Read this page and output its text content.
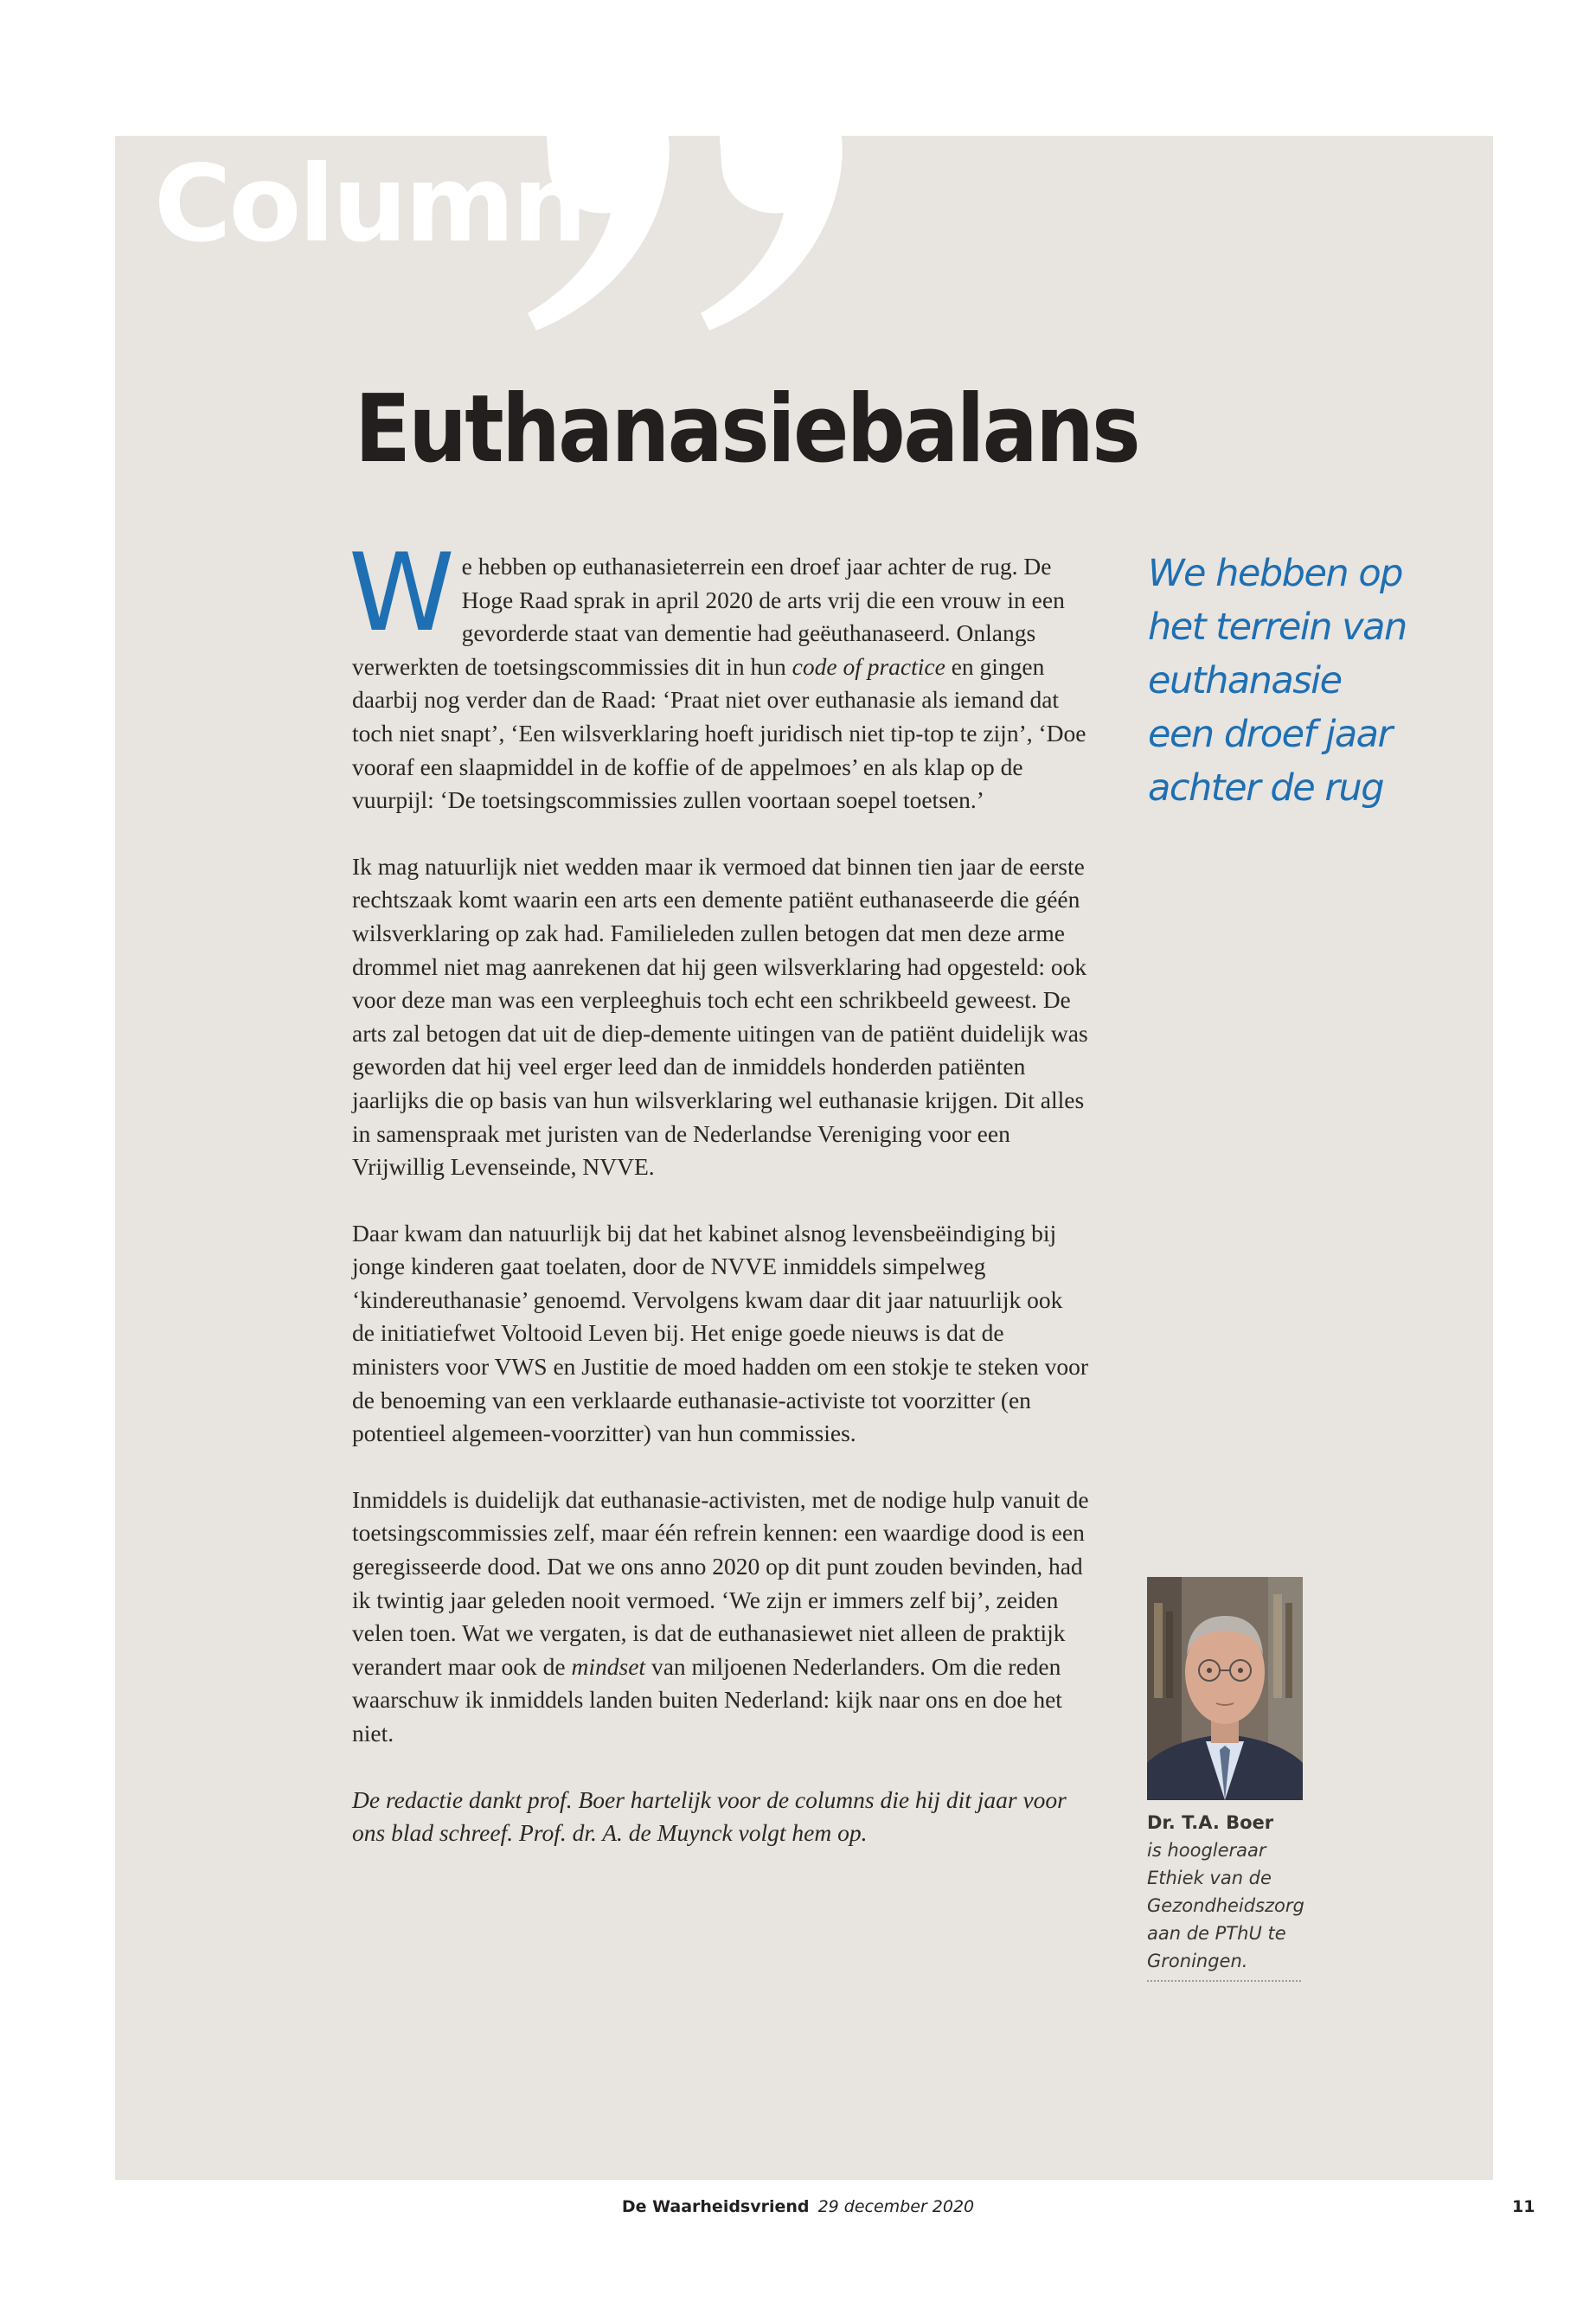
Column
Euthanasiebalans

We hebben op euthanasieterrein een droef jaar achter de rug. De Hoge Raad sprak in april 2020 de arts vrij die een vrouw in een gevorderde staat van dementie had geëuthanaseerd. Onlangs verwerkten de toetsingscommissies dit in hun code of practice en gingen daarbij nog verder dan de Raad: ‘Praat niet over euthanasie als iemand dat toch niet snapt’, ‘Een wilsverklaring hoeft juridisch niet tip-top te zijn’, ‘Doe vooraf een slaapmiddel in de koffie of de appelmoes’ en als klap op de vuurpijl: ‘De toetsingscommissies zullen voortaan soepel toetsen.’

Ik mag natuurlijk niet wedden maar ik vermoed dat binnen tien jaar de eerste rechtszaak komt waarin een arts een demente patiënt euthanaseerde die géén wilsverklaring op zak had. Familieleden zullen betogen dat men deze arme drommel niet mag aanrekenen dat hij geen wilsverklaring had opgesteld: ook voor deze man was een verpleeghuis toch echt een schrikbeeld geweest. De arts zal betogen dat uit de diep-demente uitingen van de patiënt duidelijk was geworden dat hij veel erger leed dan de inmiddels honderden patiënten jaarlijks die op basis van hun wilsverklaring wel euthanasie krijgen. Dit alles in samenspraak met juristen van de Nederlandse Vereniging voor een Vrijwillig Levenseinde, NVVE.

Daar kwam dan natuurlijk bij dat het kabinet alsnog levensbeëindiging bij jonge kinderen gaat toelaten, door de NVVE inmiddels simpelweg ‘kindereuthanasie’ genoemd. Vervolgens kwam daar dit jaar natuurlijk ook de initiatiefwet Voltooid Leven bij. Het enige goede nieuws is dat de ministers voor VWS en Justitie de moed hadden om een stokje te steken voor de benoeming van een verklaarde euthanasie-activiste tot voorzitter (en potentieel algemeen-voorzitter) van hun commissies.

Inmiddels is duidelijk dat euthanasie-activisten, met de nodige hulp vanuit de toetsingscommissies zelf, maar één refrein kennen: een waardige dood is een geregisseerde dood. Dat we ons anno 2020 op dit punt zouden bevinden, had ik twintig jaar geleden nooit vermoed. ‘We zijn er immers zelf bij’, zeiden velen toen. Wat we vergaten, is dat de euthanasiewet niet alleen de praktijk verandert maar ook de mindset van miljoenen Nederlanders. Om die reden waarschuw ik inmiddels landen buiten Nederland: kijk naar ons en doe het niet.

De redactie dankt prof. Boer hartelijk voor de columns die hij dit jaar voor ons blad schreef. Prof. dr. A. de Muynck volgt hem op.

We hebben op het terrein van euthanasie een droef jaar achter de rug

Dr. T.A. Boer
is hoogleraar Ethiek van de Gezondheidszorg aan de PThU te Groningen.
De Waarheidsvriend 29 december 2020	11
